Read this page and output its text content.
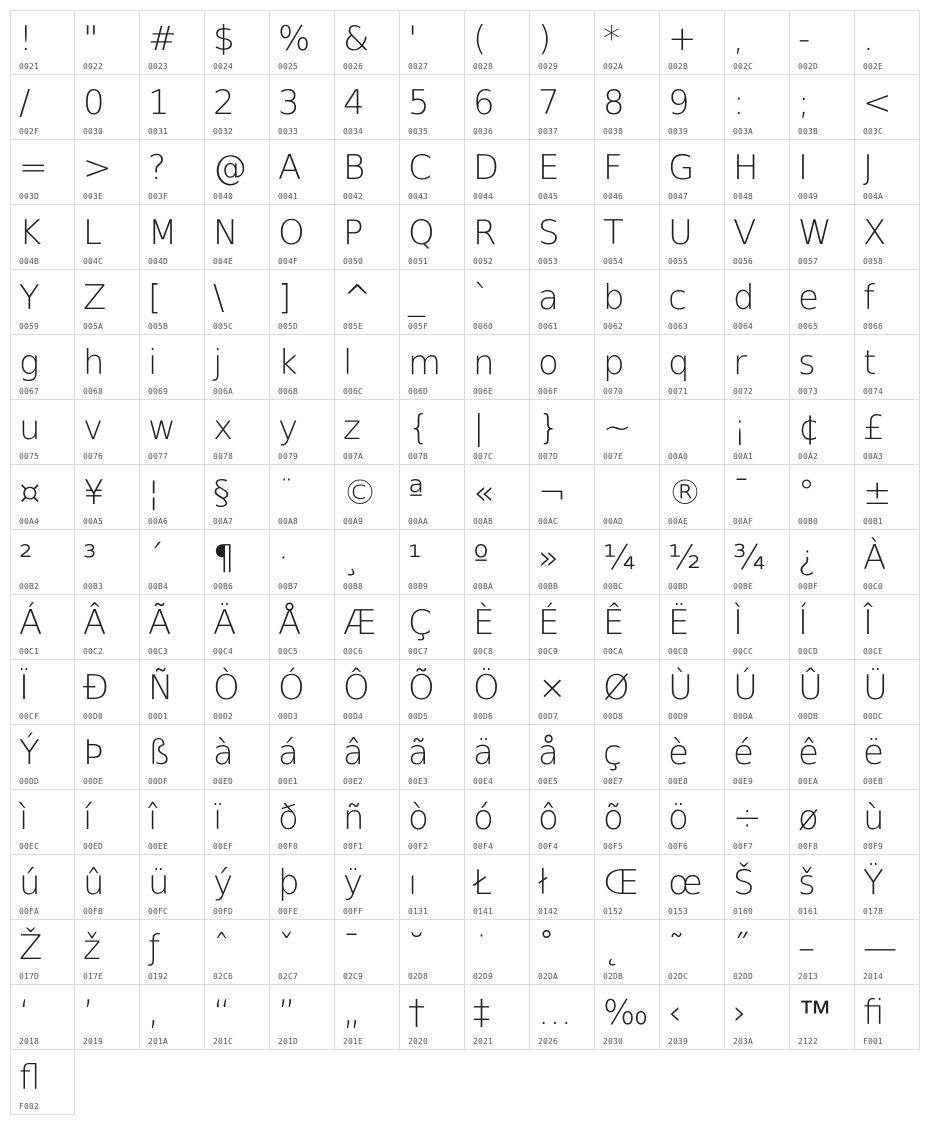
!
0021
"
0022
#
0023
$
0024
%
0025
&
0026
'
0027
(
0028
)
0029
*
002A
+
002B
,
002C
-
002D
.
002E
/
002F
0
0030
1
0031
2
0032
3
0033
4
0034
5
0035
6
0036
7
0037
8
0038
9
0039
:
003A
;
003B
<
003C
=
003D
>
003E
?
003F
@
0040
A
0041
B
0042
C
0043
D
0044
E
0045
F
0046
G
0047
H
0048
I
0049
J
004A
K
004B
L
004C
M
004D
N
004E
O
004F
P
0050
Q
0051
R
0052
S
0053
T
0054
U
0055
V
0056
W
0057
X
0058
Y
0059
Z
005A
[
005B
\
005C
]
005D
^
005E
_
005F
`
0060
a
0061
b
0062
c
0063
d
0064
e
0065
f
0066
g
0067
h
0068
i
0069
j
006A
k
006B
l
006C
m
006D
n
006E
o
006F
p
0070
q
0071
r
0072
s
0073
t
0074
u
0075
v
0076
w
0077
x
0078
y
0079
z
007A
{
007B
|
007C
}
007D
~
007E
	00A0
¡
00A1
¢
00A2
£
00A3
¤
00A4
¥
00A5
¦
00A6
§
00A7
¨
00A8
©
00A9
ª
00AA
«
00AB
¬
00AC	00AD
®
00AE
¯
00AF
°
00B0
±
00B1
²
00B2
³
00B3
´
00B4
¶
00B6
·
00B7
¸
00B8
¹
00B9
º
00BA
»
00BB
¼
00BC
½
00BD
¾
00BE
¿
00BF
À
00C0
Á
00C1
Â
00C2
Ã
00C3
Ä
00C4
Å
00C5
Æ
00C6
Ç
00C7
È
00C8
É
00C9
Ê
00CA
Ë
00CB
Ì
00CC
Í
00CD
Î
00CE
Ï
00CF
Ð
00D0
Ñ
00D1
Ò
00D2
Ó
00D3
Ô
00D4
Õ
00D5
Ö
00D6
×
00D7
Ø
00D8
Ù
00D9
Ú
00DA
Û
00DB
Ü
00DC
Ý
00DD
Þ
00DE
ß
00DF
à
00E0
á
00E1
â
00E2
ã
00E3
ä
00E4
å
00E5
ç
00E7
è
00E8
é
00E9
ê
00EA
ë
00EB
ì
00EC
í
00ED
î
00EE
ï
00EF
ð
00F0
ñ
00F1
ò
00F2
ó
00F4
ô
00F4
õ
00F5
ö
00F6
÷
00F7
ø
00F8
ù
00F9
ú
00FA
û
00FB
ü
00FC
ý
00FD
þ
00FE
ÿ
00FF
ı
0131
Ł
0141
ł
0142
Œ
0152
œ
0153
Š
0160
š
0161
Ÿ
0178
Ž
017D
ž
017E
ƒ
0192
ˆ
02C6
ˇ
02C7
ˉ
02C9
˘
02D8
˙
02D9
˚
02DA
˛
02DB
˜
02DC
˝
02DD
–
2013
—
2014
‘
2018
’
2019
‚
201A
“
201C
”
201D
„
201E
†
2020
‡
2021
…
2026
‰
2030
‹
2039
›
203A
™
2122
ﬁ
F001
ﬂ
F002
